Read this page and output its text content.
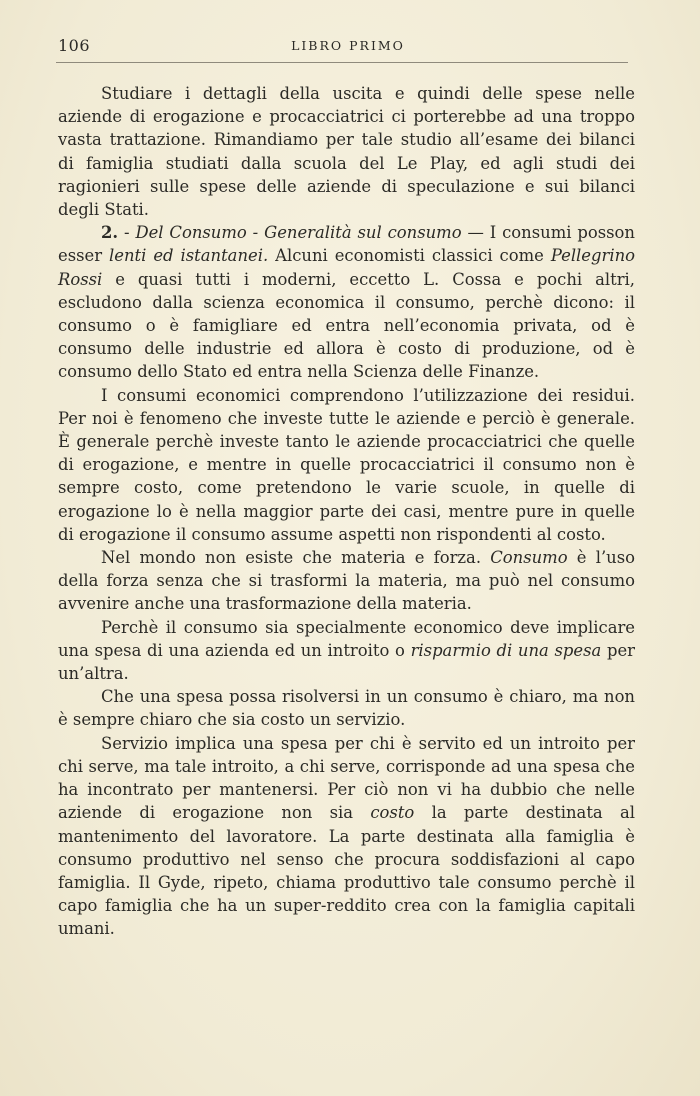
106	LIBRO PRIMO

Studiare i dettagli della uscita e quindi delle spese nelle aziende di erogazione e procacciatrici ci porterebbe ad una troppo vasta trattazione. Rimandiamo per tale studio all’esame dei bilanci di famiglia studiati dalla scuola del Le Play, ed agli studi dei ragionieri sulle spese delle aziende di speculazione e sui bilanci degli Stati.

2. - Del Consumo - Generalità sul consumo — I consumi posson esser lenti ed istantanei. Alcuni economisti classici come Pellegrino Rossi e quasi tutti i moderni, eccetto L. Cossa e pochi altri, escludono dalla scienza economica il consumo, perchè dicono: il consumo o è famigliare ed entra nell’economia privata, od è consumo delle industrie ed allora è costo di produzione, od è consumo dello Stato ed entra nella Scienza delle Finanze.

I consumi economici comprendono l’utilizzazione dei residui. Per noi è fenomeno che investe tutte le aziende e perciò è generale. È generale perchè investe tanto le aziende procacciatrici che quelle di erogazione, e mentre in quelle procacciatrici il consumo non è sempre costo, come pretendono le varie scuole, in quelle di erogazione lo è nella maggior parte dei casi, mentre pure in quelle di erogazione il consumo assume aspetti non rispondenti al costo.

Nel mondo non esiste che materia e forza. Consumo è l’uso della forza senza che si trasformi la materia, ma può nel consumo avvenire anche una trasformazione della materia.

Perchè il consumo sia specialmente economico deve implicare una spesa di una azienda ed un introito o risparmio di una spesa per un’altra.

Che una spesa possa risolversi in un consumo è chiaro, ma non è sempre chiaro che sia costo un servizio.

Servizio implica una spesa per chi è servito ed un introito per chi serve, ma tale introito, a chi serve, corrisponde ad una spesa che ha incontrato per mantenersi. Per ciò non vi ha dubbio che nelle aziende di erogazione non sia costo la parte destinata al mantenimento del lavoratore. La parte destinata alla famiglia è consumo produttivo nel senso che procura soddisfazioni al capo famiglia. Il Gyde, ripeto, chiama produttivo tale consumo perchè il capo famiglia che ha un super-reddito crea con la famiglia capitali umani.
